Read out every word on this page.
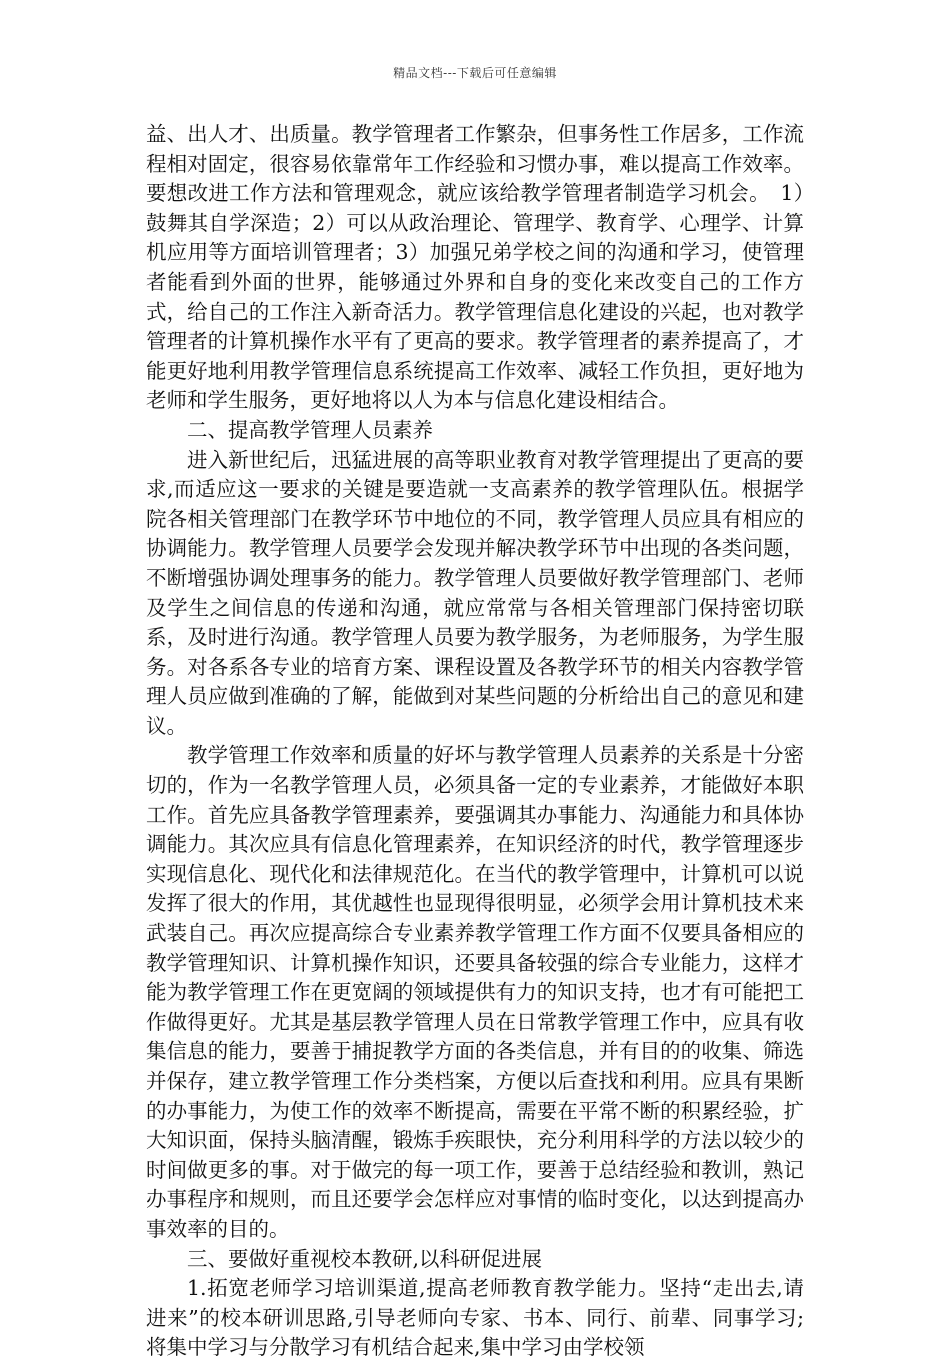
精品文档---下载后可任意编辑

益、出人才、出质量。教学管理者工作繁杂，但事务性工作居多，工作流程相对固定，很容易依靠常年工作经验和习惯办事，难以提高工作效率。要想改进工作方法和管理观念，就应该给教学管理者制造学习机会。　1）鼓舞其自学深造；2）可以从政治理论、管理学、教育学、心理学、计算机应用等方面培训管理者；3）加强兄弟学校之间的沟通和学习，使管理者能看到外面的世界，能够通过外界和自身的变化来改变自己的工作方式，给自己的工作注入新奇活力。教学管理信息化建设的兴起，也对教学管理者的计算机操作水平有了更高的要求。教学管理者的素养提高了，才能更好地利用教学管理信息系统提高工作效率、减轻工作负担，更好地为老师和学生服务，更好地将以人为本与信息化建设相结合。

二、提高教学管理人员素养

进入新世纪后，迅猛进展的高等职业教育对教学管理提出了更高的要求,而适应这一要求的关键是要造就一支高素养的教学管理队伍。根据学院各相关管理部门在教学环节中地位的不同，教学管理人员应具有相应的协调能力。教学管理人员要学会发现并解决教学环节中出现的各类问题，不断增强协调处理事务的能力。教学管理人员要做好教学管理部门、老师及学生之间信息的传递和沟通，就应常常与各相关管理部门保持密切联系，及时进行沟通。教学管理人员要为教学服务，为老师服务，为学生服务。对各系各专业的培育方案、课程设置及各教学环节的相关内容教学管理人员应做到准确的了解，能做到对某些问题的分析给出自己的意见和建议。

教学管理工作效率和质量的好坏与教学管理人员素养的关系是十分密切的，作为一名教学管理人员，必须具备一定的专业素养，才能做好本职工作。首先应具备教学管理素养，要强调其办事能力、沟通能力和具体协调能力。其次应具有信息化管理素养，在知识经济的时代，教学管理逐步实现信息化、现代化和法律规范化。在当代的教学管理中，计算机可以说发挥了很大的作用，其优越性也显现得很明显，必须学会用计算机技术来武装自己。再次应提高综合专业素养教学管理工作方面不仅要具备相应的教学管理知识、计算机操作知识，还要具备较强的综合专业能力，这样才能为教学管理工作在更宽阔的领域提供有力的知识支持，也才有可能把工作做得更好。尤其是基层教学管理人员在日常教学管理工作中，应具有收集信息的能力，要善于捕捉教学方面的各类信息，并有目的的收集、筛选并保存，建立教学管理工作分类档案，方便以后查找和利用。应具有果断的办事能力，为使工作的效率不断提高，需要在平常不断的积累经验，扩大知识面，保持头脑清醒，锻炼手疾眼快，充分利用科学的方法以较少的时间做更多的事。对于做完的每一项工作，要善于总结经验和教训，熟记办事程序和规则，而且还要学会怎样应对事情的临时变化，以达到提高办事效率的目的。

三、要做好重视校本教研,以科研促进展

1.拓宽老师学习培训渠道,提高老师教育教学能力。坚持“走出去,请进来”的校本研训思路,引导老师向专家、书本、同行、前辈、同事学习;将集中学习与分散学习有机结合起来,集中学习由学校领
